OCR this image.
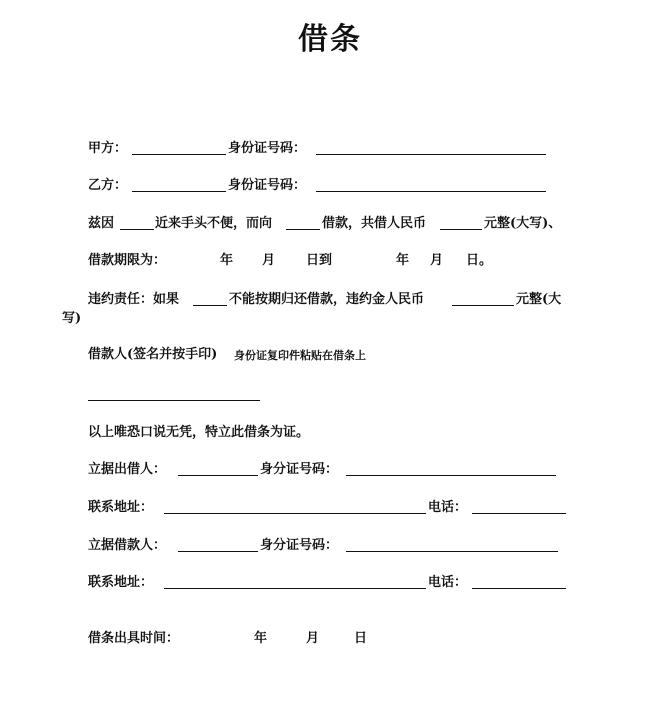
借条
甲方：	身份证号码：
乙方：	身份证号码：
兹因	近来手头不便，而向	借款，共借人民币	元整(大写)、
借款期限为：	年 月 日到	年 月 日。
违约责任：如果	不能按期归还借款，违约金人民币	元整(大
写)
借款人(签名并按手印) 身份证复印件粘贴在借条上
以上唯恐口说无凭，特立此借条为证。
立据出借人：	身分证号码：
联系地址：	电话：
立据借款人：	身分证号码：
联系地址：	电话：
借条出具时间：	年	月	日
